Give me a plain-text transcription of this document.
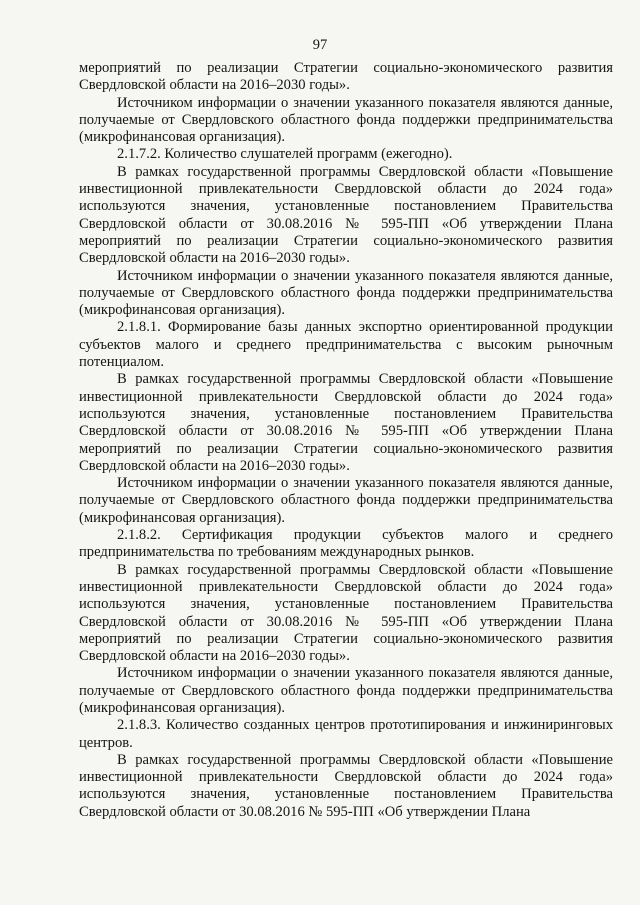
97

мероприятий по реализации Стратегии социально-экономического развития Свердловской области на 2016–2030 годы».

Источником информации о значении указанного показателя являются данные, получаемые от Свердловского областного фонда поддержки предпринимательства (микрофинансовая организация).

2.1.7.2. Количество слушателей программ (ежегодно).

В рамках государственной программы Свердловской области «Повышение инвестиционной привлекательности Свердловской области до 2024 года» используются значения, установленные постановлением Правительства Свердловской области от 30.08.2016 № 595-ПП «Об утверждении Плана мероприятий по реализации Стратегии социально-экономического развития Свердловской области на 2016–2030 годы».

Источником информации о значении указанного показателя являются данные, получаемые от Свердловского областного фонда поддержки предпринимательства (микрофинансовая организация).

2.1.8.1. Формирование базы данных экспортно ориентированной продукции субъектов малого и среднего предпринимательства с высоким рыночным потенциалом.

В рамках государственной программы Свердловской области «Повышение инвестиционной привлекательности Свердловской области до 2024 года» используются значения, установленные постановлением Правительства Свердловской области от 30.08.2016 № 595-ПП «Об утверждении Плана мероприятий по реализации Стратегии социально-экономического развития Свердловской области на 2016–2030 годы».

Источником информации о значении указанного показателя являются данные, получаемые от Свердловского областного фонда поддержки предпринимательства (микрофинансовая организация).

2.1.8.2. Сертификация продукции субъектов малого и среднего предпринимательства по требованиям международных рынков.

В рамках государственной программы Свердловской области «Повышение инвестиционной привлекательности Свердловской области до 2024 года» используются значения, установленные постановлением Правительства Свердловской области от 30.08.2016 № 595-ПП «Об утверждении Плана мероприятий по реализации Стратегии социально-экономического развития Свердловской области на 2016–2030 годы».

Источником информации о значении указанного показателя являются данные, получаемые от Свердловского областного фонда поддержки предпринимательства (микрофинансовая организация).

2.1.8.3. Количество созданных центров прототипирования и инжиниринговых центров.

В рамках государственной программы Свердловской области «Повышение инвестиционной привлекательности Свердловской области до 2024 года» используются значения, установленные постановлением Правительства Свердловской области от 30.08.2016 № 595-ПП «Об утверждении Плана
